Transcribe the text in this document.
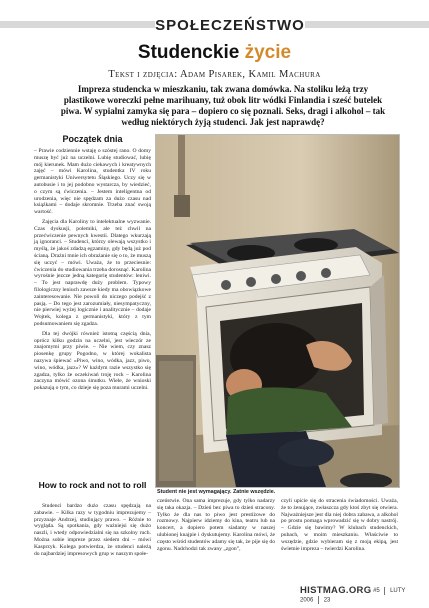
SPOŁECZEŃSTWO
Studenckie życie
Tekst i zdjęcia: Adam Pisarek, Kamil Machura
Impreza studencka w mieszkaniu, tak zwana domówka. Na stoliku leżą trzy plastikowe woreczki pełne marihuany, tuż obok litr wódki Finlandia i sześć butelek piwa. W sypialni zamyka się para – dopiero co się poznali. Seks, dragi i alkohol – tak według niektórych żyją studenci. Jak jest naprawdę?
Początek dnia

– Prawie codziennie wstaję o szóstej rano. O domy muszę być już na uczelni. Lubię studiować, lubię mój kierunek. Mam dużo ciekawych i kreatywnych zajęć – mówi Karolina, studentka IV roku germanistyki Uniwersytetu Śląskiego. Uczy się w autobusie i to jej podobno wystarcza, by wiedzieć, o czym są ćwiczenia. – Jestem inteligentna od urodzenia, więc nie spędzam za dużo czasu nad książkami – dodaje skromnie. Trzeba znać swoją wartość.

Zajęcia dla Karoliny to intelektualne wyzwanie. Czas dyskusji, polemiki, ale też chwil na przećwiczenie pewnych kwestii. Dlatego wkurzają ją ignoranci. – Studenci, którzy olewają wszystko i myślą, że jakoś zdadzą egzaminy, gdy będą już pod ścianą. Drażni mnie ich obrażanie się o to, że muszą się uczyć – mówi. Uważa, że to przeciesnie: ćwiczenia do studiowania trzeba dorosnąć. Karolina wyrośnie jezcze jedną kategorię studentów: leniwi. – To jest naprawdę duży problem. Typowy filologiczny leniuch zawsze kiedy ma obowiązkowe zainteresowanie. Nie powoli do niczego podejść z pasją. – Do tego jest zarozumiały, niesympatyczny, nie pierwiej wyżej logicznie i analitycznie – dodaje Wojtek, kolega z germanistyki, który z tym podsumowaniem się zgadza.

Dla tej dwójki również istotną częścią dnia, oprócz kilku godzin na uczelni, jest wieczór ze znajomymi przy piwie. – Nie wiem, czy znasz piosenkę grupy Pogodno, w której wokalista nazywa śpiewać «Piwo, wino, wódka, jazz, piwo, wino, wódka, jazz»? W każdym razie wszystko się zgadza, tylko że oczekiwań troję rock – Karolina zaczyna mówić ozona śmutku. Wiele, że wnioski pokazują o tym, co dzieje się poza murami uczelni.

How to rock and not to roll
Student nie jest wymagający. Zatnie wszędzie.

Studenci bardzo dużo czasu spędzają na zabawie. – Kilka razy w tygodniu imprezujemy – przyznaje Andrzej, studiujący prawo. – Różnie to wygląda. Są spotkania, gdy ważniejsi się dużo naszli, i wtedy odpowiedzialni się na szkolny ruch. Można sobie impreze przez siedem dni – mówi Kasprzyk. Kolega potwierdza, że studenci należą do najbardziej impresowych grup w naszym społe-

czeństwie. Ona sama imprezuje, gdy tylko nadarzy się taka okazja. – Dzień bez piwa to dzień stracony. Tylko że dla nas to piwo jest prestiżowe do rozmowy. Najpierw idziemy do kina, teatru lub na koncert, a dopiero potem siadamy w naszej ulubionej knajpie i dyskutujemy. Karolina mówi, że często wśród studentów adamy się tak, że pije się do zgonu. Nadchodzi tak zwany „zgon”,

czyli upicie się do stracenia świadomości. Uważa, że to żenujące, zwłaszcza gdy ktoś zbyt się otwiera. Najważniejsze jest dla niej dobra zabawa, a alkohol po prostu pomaga wprowadzić się w dobry nastrój. – Gdzie się bawimy? W klubach studenckich, pubach, w moim mieszkaniu. Właściwie to wszędzie, gdzie wybieram się z moją ekipą, jest świetnie impreza – twierdzi Karolina.

HISTMAG.ORG #5 LUTY 2006 23
